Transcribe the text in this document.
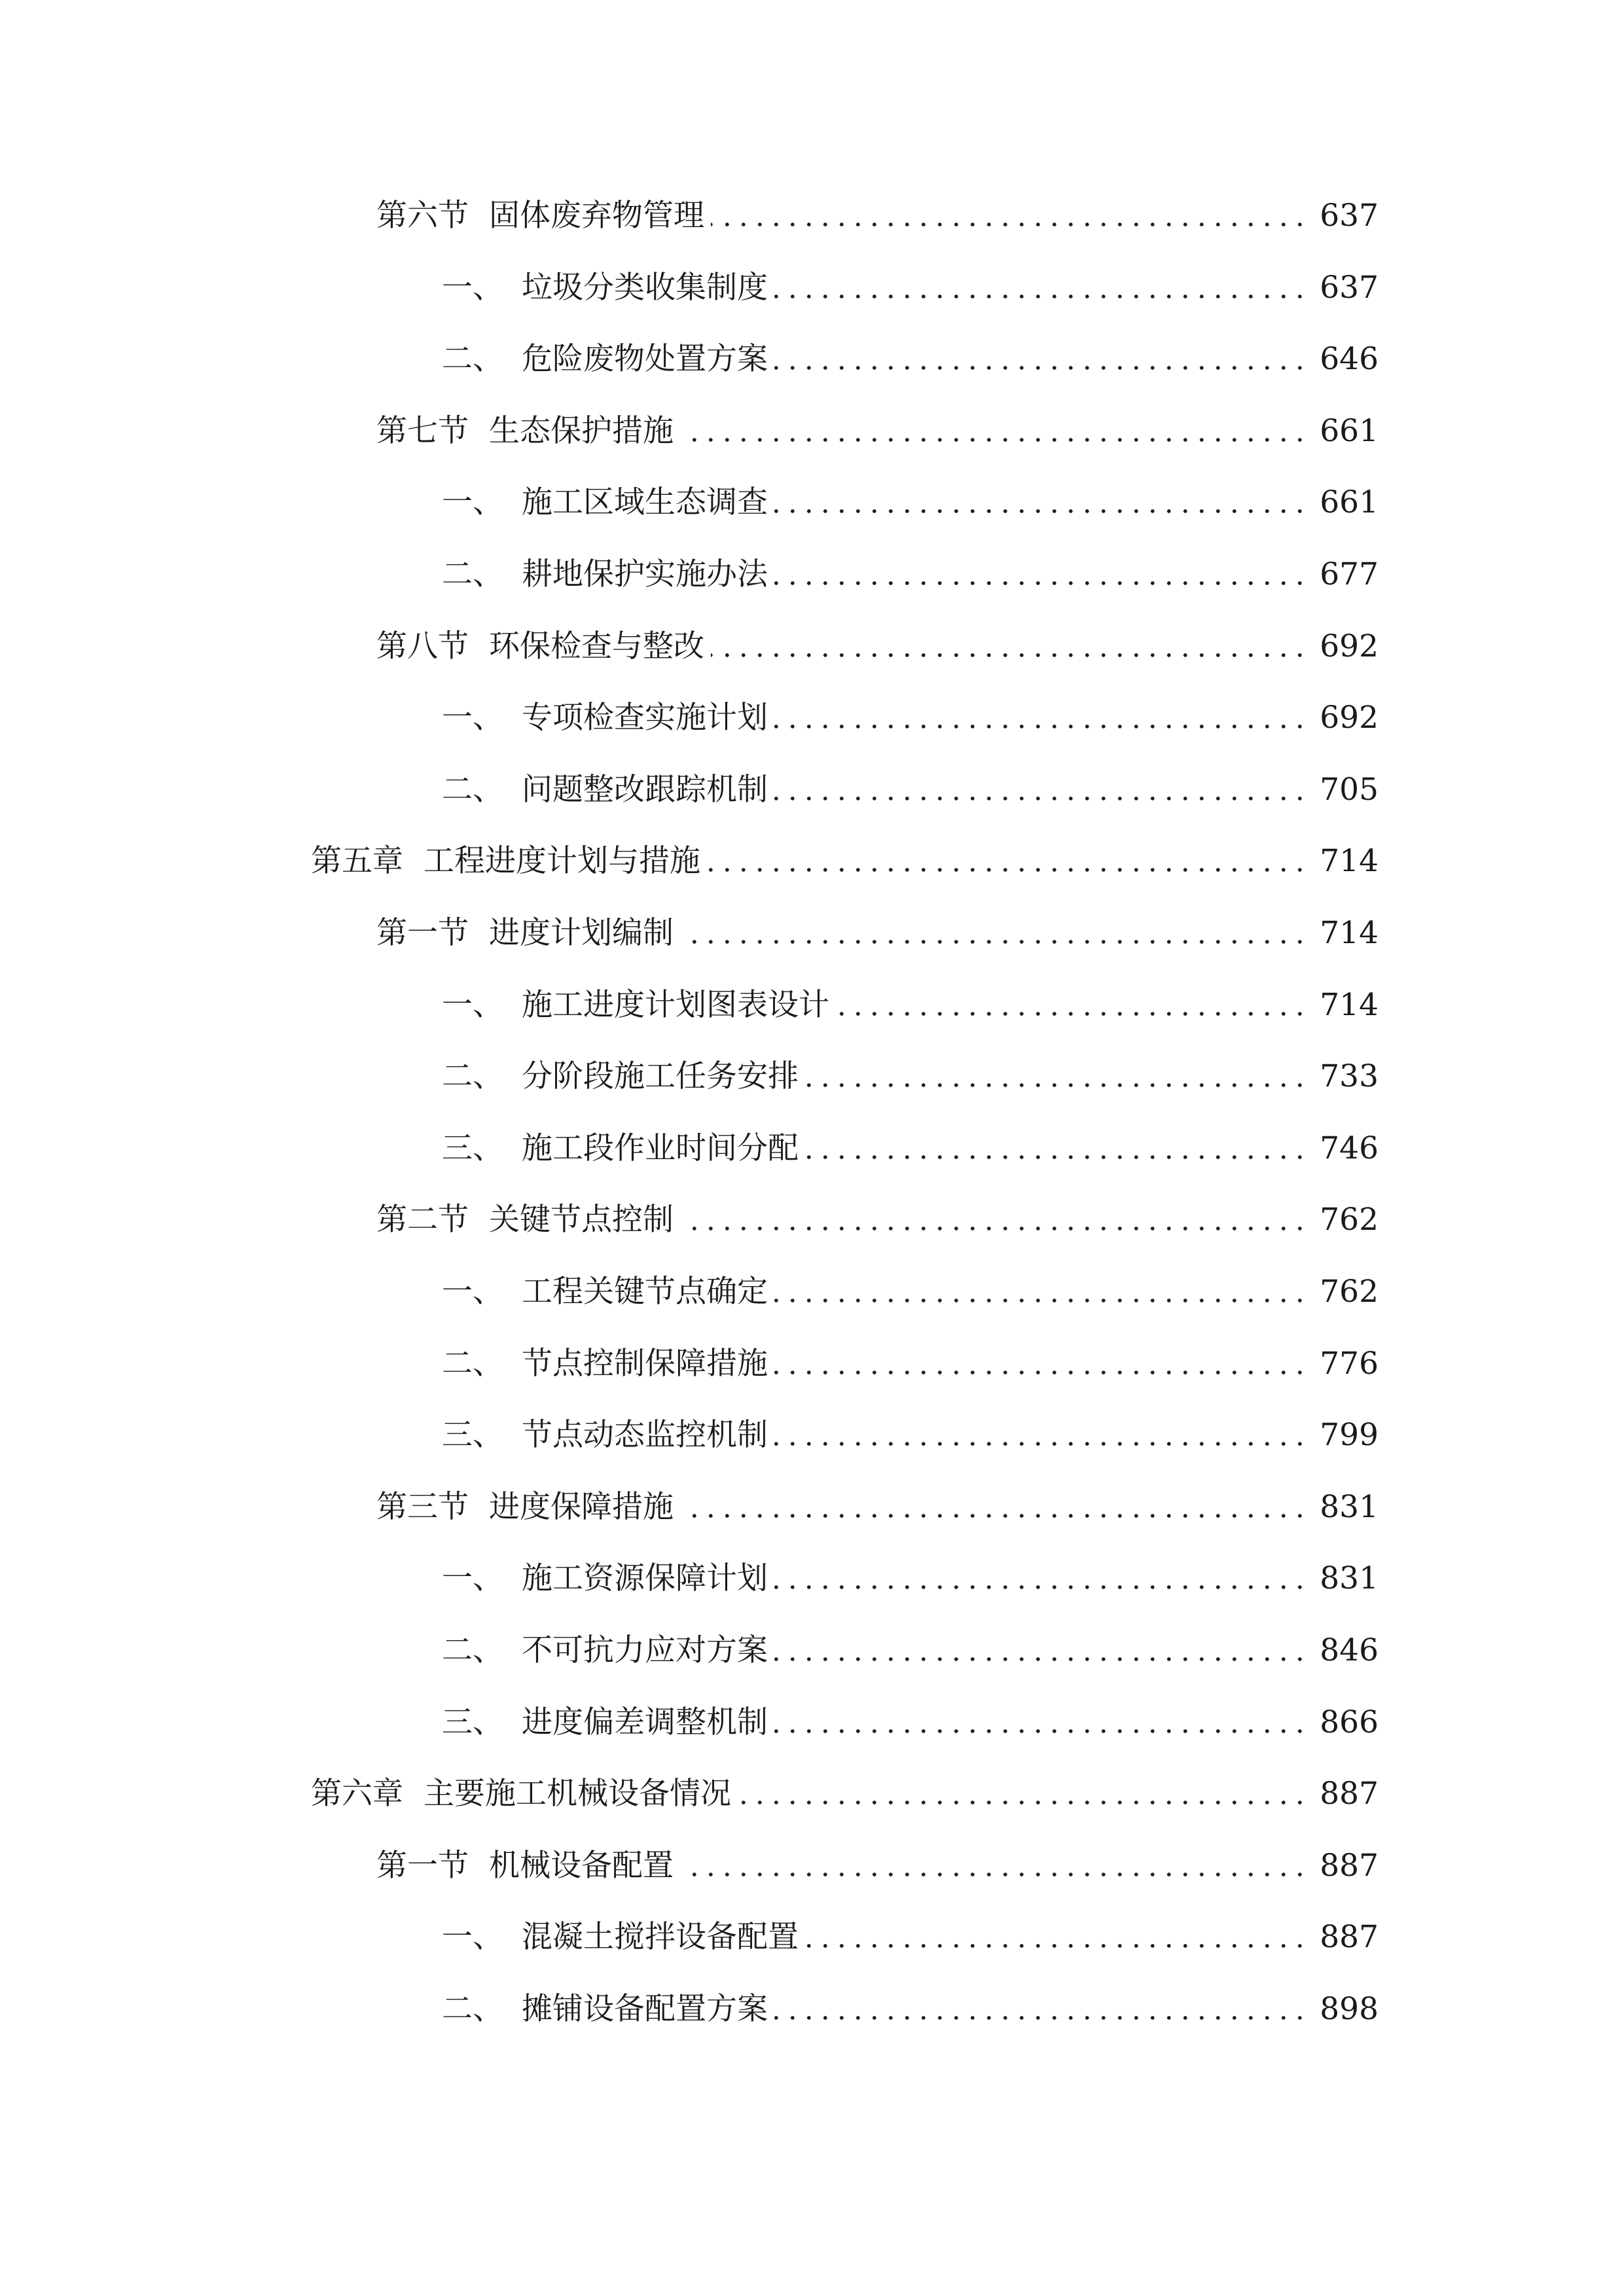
第六节 固体废弃物管理	637
一、 垃圾分类收集制度	637
二、 危险废物处置方案	646
第七节 生态保护措施	661
一、 施工区域生态调查	661
二、 耕地保护实施办法	677
第八节 环保检查与整改	692
一、 专项检查实施计划	692
二、 问题整改跟踪机制	705
第五章 工程进度计划与措施	714
第一节 进度计划编制	714
一、 施工进度计划图表设计	714
二、 分阶段施工任务安排	733
三、 施工段作业时间分配	746
第二节 关键节点控制	762
一、 工程关键节点确定	762
二、 节点控制保障措施	776
三、 节点动态监控机制	799
第三节 进度保障措施	831
一、 施工资源保障计划	831
二、 不可抗力应对方案	846
三、 进度偏差调整机制	866
第六章 主要施工机械设备情况	887
第一节 机械设备配置	887
一、 混凝土搅拌设备配置	887
二、 摊铺设备配置方案	898
